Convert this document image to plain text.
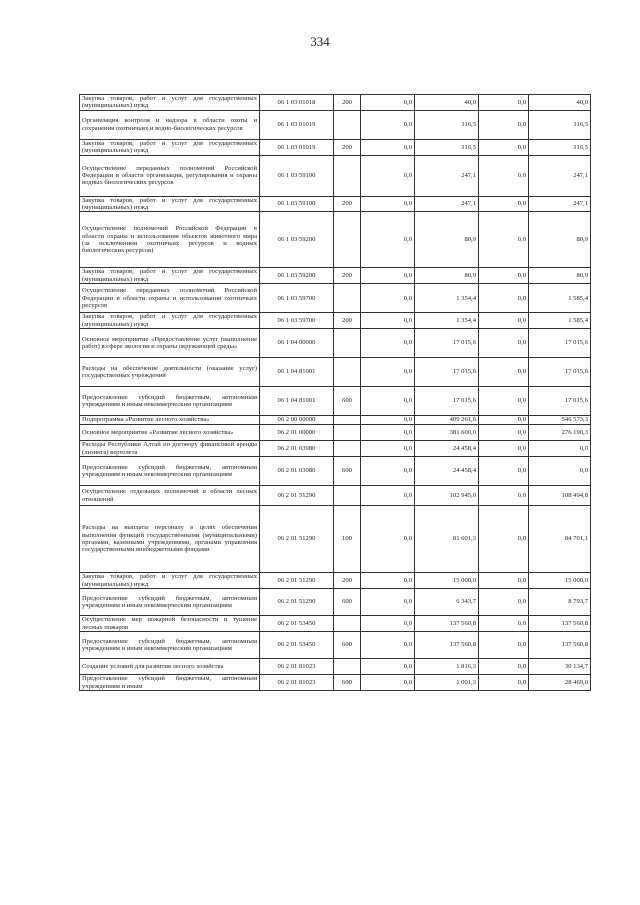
334
Закупка товаров, работ и услуг для государственных (муниципальных) нужд	06 1 03 01018	200	0,0	40,0	0,0	40,0
Организация контроля и надзора в области охоты и сохранения охотничьих и водно-биологических ресурсов	06 1 03 01019		0,0	316,5	0,0	316,5
Закупка товаров, работ и услуг для государственных (муниципальных) нужд	06 1 03 01019	200	0,0	316,5	0,0	316,5
Осуществление переданных полномочий Российской Федерации в области организации, регулирования и охраны водных биологических ресурсов	06 1 03 59100		0,0	247,1	0,0	247,1
Закупка товаров, работ и услуг для государственных (муниципальных) нужд	06 1 03 59100	200	0,0	247,1	0,0	247,1
Осуществление полномочий Российской Федерации в области охраны и использования объектов животного мира (за исключением охотничьих ресурсов и водных биологических ресурсов)	06 1 03 59200		0,0	80,9	0,0	80,9
Закупка товаров, работ и услуг для государственных (муниципальных) нужд	06 1 03 59200	200	0,0	80,9	0,0	80,9
Осуществление переданных полномочий Российской Федерации в области охраны и использования охотничьих ресурсов	06 1 03 59700		0,0	1 354,4	0,0	1 585,4
Закупка товаров, работ и услуг для государственных (муниципальных) нужд	06 1 03 59700	200	0,0	1 354,4	0,0	1 585,4
Основное мероприятие «Предоставление услуг (выполнение работ) в сфере экологии и охраны окружающей среды»	06 1 04 00000		0,0	17 015,6	0,0	17 015,6
Расходы на обеспечение деятельности (оказание услуг) государственных учреждений	06 1 04 81001		0,0	17 015,6	0,0	17 015,6
Предоставление субсидий бюджетным, автономным учреждениям и иным некоммерческим организациям	06 1 04 81001	600	0,0	17 015,6	0,0	17 015,6
Подпрограмма «Развитие лесного хозяйства»	06 2 00 00000		0,0	409 261,6	0,0	546 573,3
Основное мероприятие «Развитие лесного хозяйства»	06 2 01 00000		0,0	381 600,0	0,0	276 190,3
Расходы Республики Алтай по договору финансовой аренды (лизинга) вертолета	06 2 01 03980		0,0	24 458,4	0,0	0,0
Предоставление субсидий бюджетным, автономным учреждениям и иным некоммерческим организациям	06 2 01 03980	600	0,0	24 458,4	0,0	0,0
Осуществление отдельных полномочий в области лесных отношений	06 2 01 51290		0,0	102 945,0	0,0	108 494,8
Расходы на выплаты персоналу в целях обеспечения выполнения функций государственными (муниципальными) органами, казенными учреждениями, органами управления государственными внебюджетными фондами	06 2 01 51290	100	0,0	81 601,3	0,0	84 701,1
Закупка товаров, работ и услуг для государственных (муниципальных) нужд	06 2 01 51290	200	0,0	15 000,0	0,0	15 000,0
Предоставление субсидий бюджетным, автономным учреждениям и иным некоммерческим организациям	06 2 01 51290	600	0,0	6 343,7	0,0	8 793,7
Осуществление мер пожарной безопасности и тушение лесных пожаров	06 2 01 53450		0,0	137 560,8	0,0	137 560,8
Предоставление субсидий бюджетным, автономным учреждениям и иным некоммерческим организациям	06 2 01 53450	600	0,0	137 560,8	0,0	137 560,8
Создание условий для развития лесного хозяйства	06 2 01 81023		0,0	1 816,3	0,0	30 134,7
Предоставление субсидий бюджетным, автономным учреждениям и иным	06 2 01 81023	600	0,0	1 001,3	0,0	28 469,0
